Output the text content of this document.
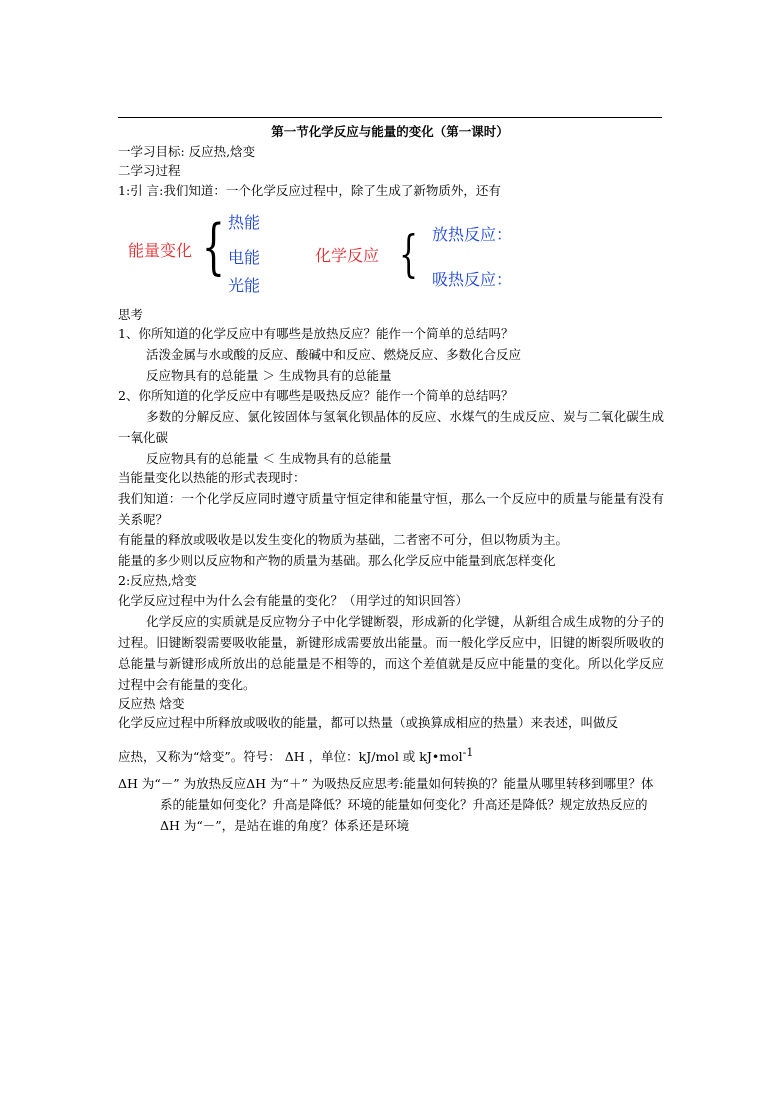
第一节化学反应与能量的变化（第一课时）
一学习目标: 反应热,焓变
二学习过程
1:引 言:我们知道：一个化学反应过程中，除了生成了新物质外，还有
能量变化 { 热能
电能
光能
化学反应 { 放热反应：
吸热反应：
思考
1、你所知道的化学反应中有哪些是放热反应？能作一个简单的总结吗？
活泼金属与水或酸的反应、酸碱中和反应、燃烧反应、多数化合反应
反应物具有的总能量 ＞ 生成物具有的总能量
2、你所知道的化学反应中有哪些是吸热反应？能作一个简单的总结吗？
多数的分解反应、氯化铵固体与氢氧化钡晶体的反应、水煤气的生成反应、炭与二氧化碳生成一氧化碳
反应物具有的总能量 ＜ 生成物具有的总能量
当能量变化以热能的形式表现时：
我们知道：一个化学反应同时遵守质量守恒定律和能量守恒，那么一个反应中的质量与能量有没有关系呢？
有能量的释放或吸收是以发生变化的物质为基础，二者密不可分，但以物质为主。
能量的多少则以反应物和产物的质量为基础。那么化学反应中能量到底怎样变化
2:反应热,焓变
化学反应过程中为什么会有能量的变化？（用学过的知识回答）
化学反应的实质就是反应物分子中化学键断裂，形成新的化学键，从新组合成生成物的分子的过程。旧键断裂需要吸收能量，新键形成需要放出能量。而一般化学反应中，旧键的断裂所吸收的总能量与新键形成所放出的总能量是不相等的，而这个差值就是反应中能量的变化。所以化学反应过程中会有能量的变化。
反应热 焓变
化学反应过程中所释放或吸收的能量，都可以热量（或换算成相应的热量）来表述，叫做反
应热，又称为“焓变”。符号： ΔH ，单位：kJ/mol 或 kJ•mol$^{-1}$
ΔH 为“－” 为放热反应ΔH 为“＋” 为吸热反应思考:能量如何转换的？能量从哪里转移到哪里？体系的能量如何变化？升高是降低？环境的能量如何变化？升高还是降低？规定放热反应的ΔH 为“－”，是站在谁的角度？体系还是环境
